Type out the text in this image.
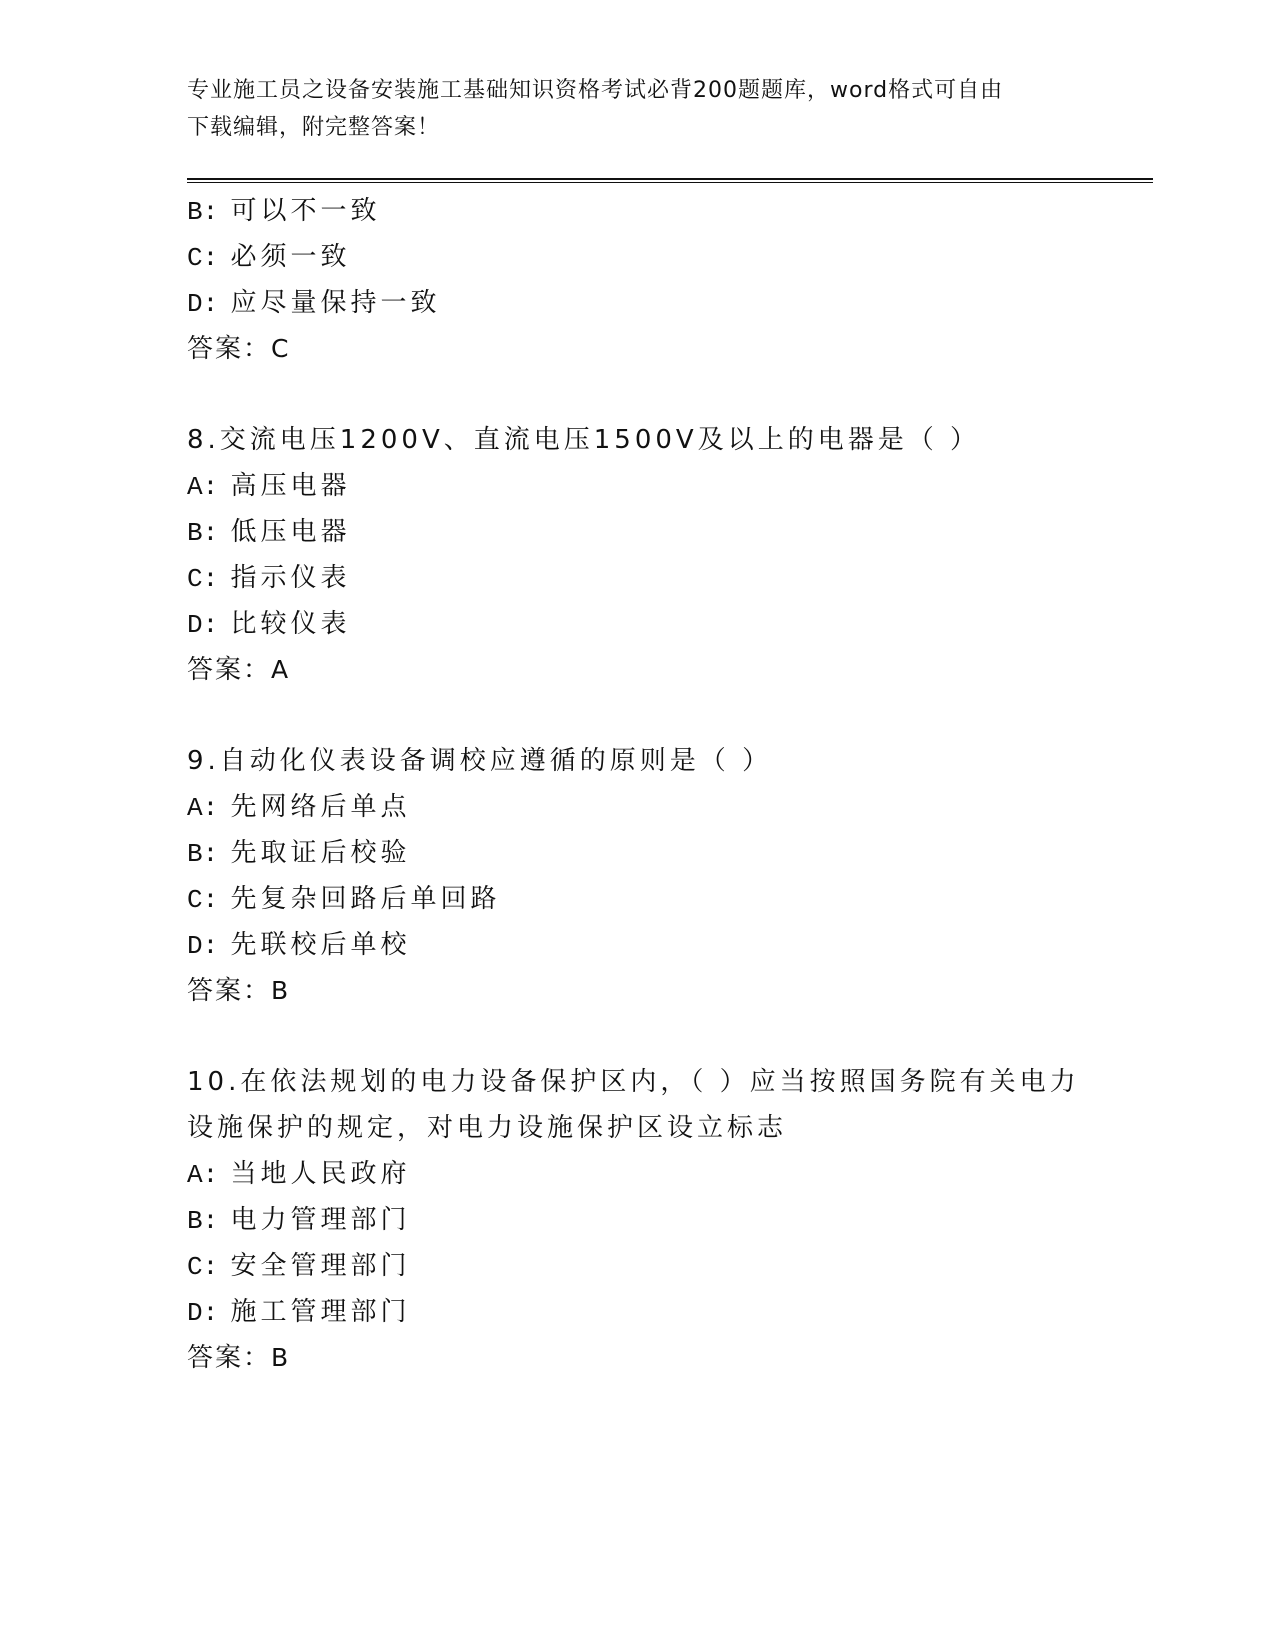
专业施工员之设备安装施工基础知识资格考试必背200题题库，word格式可自由
下载编辑，附完整答案！
B: 可以不一致
C: 必须一致
D: 应尽量保持一致
答案：C
8.交流电压1200V、直流电压1500V及以上的电器是（ ）
A: 高压电器
B: 低压电器
C: 指示仪表
D: 比较仪表
答案：A
9.自动化仪表设备调校应遵循的原则是（ ）
A: 先网络后单点
B: 先取证后校验
C: 先复杂回路后单回路
D: 先联校后单校
答案：B
10.在依法规划的电力设备保护区内，（ ）应当按照国务院有关电力
设施保护的规定，对电力设施保护区设立标志
A: 当地人民政府
B: 电力管理部门
C: 安全管理部门
D: 施工管理部门
答案：B
